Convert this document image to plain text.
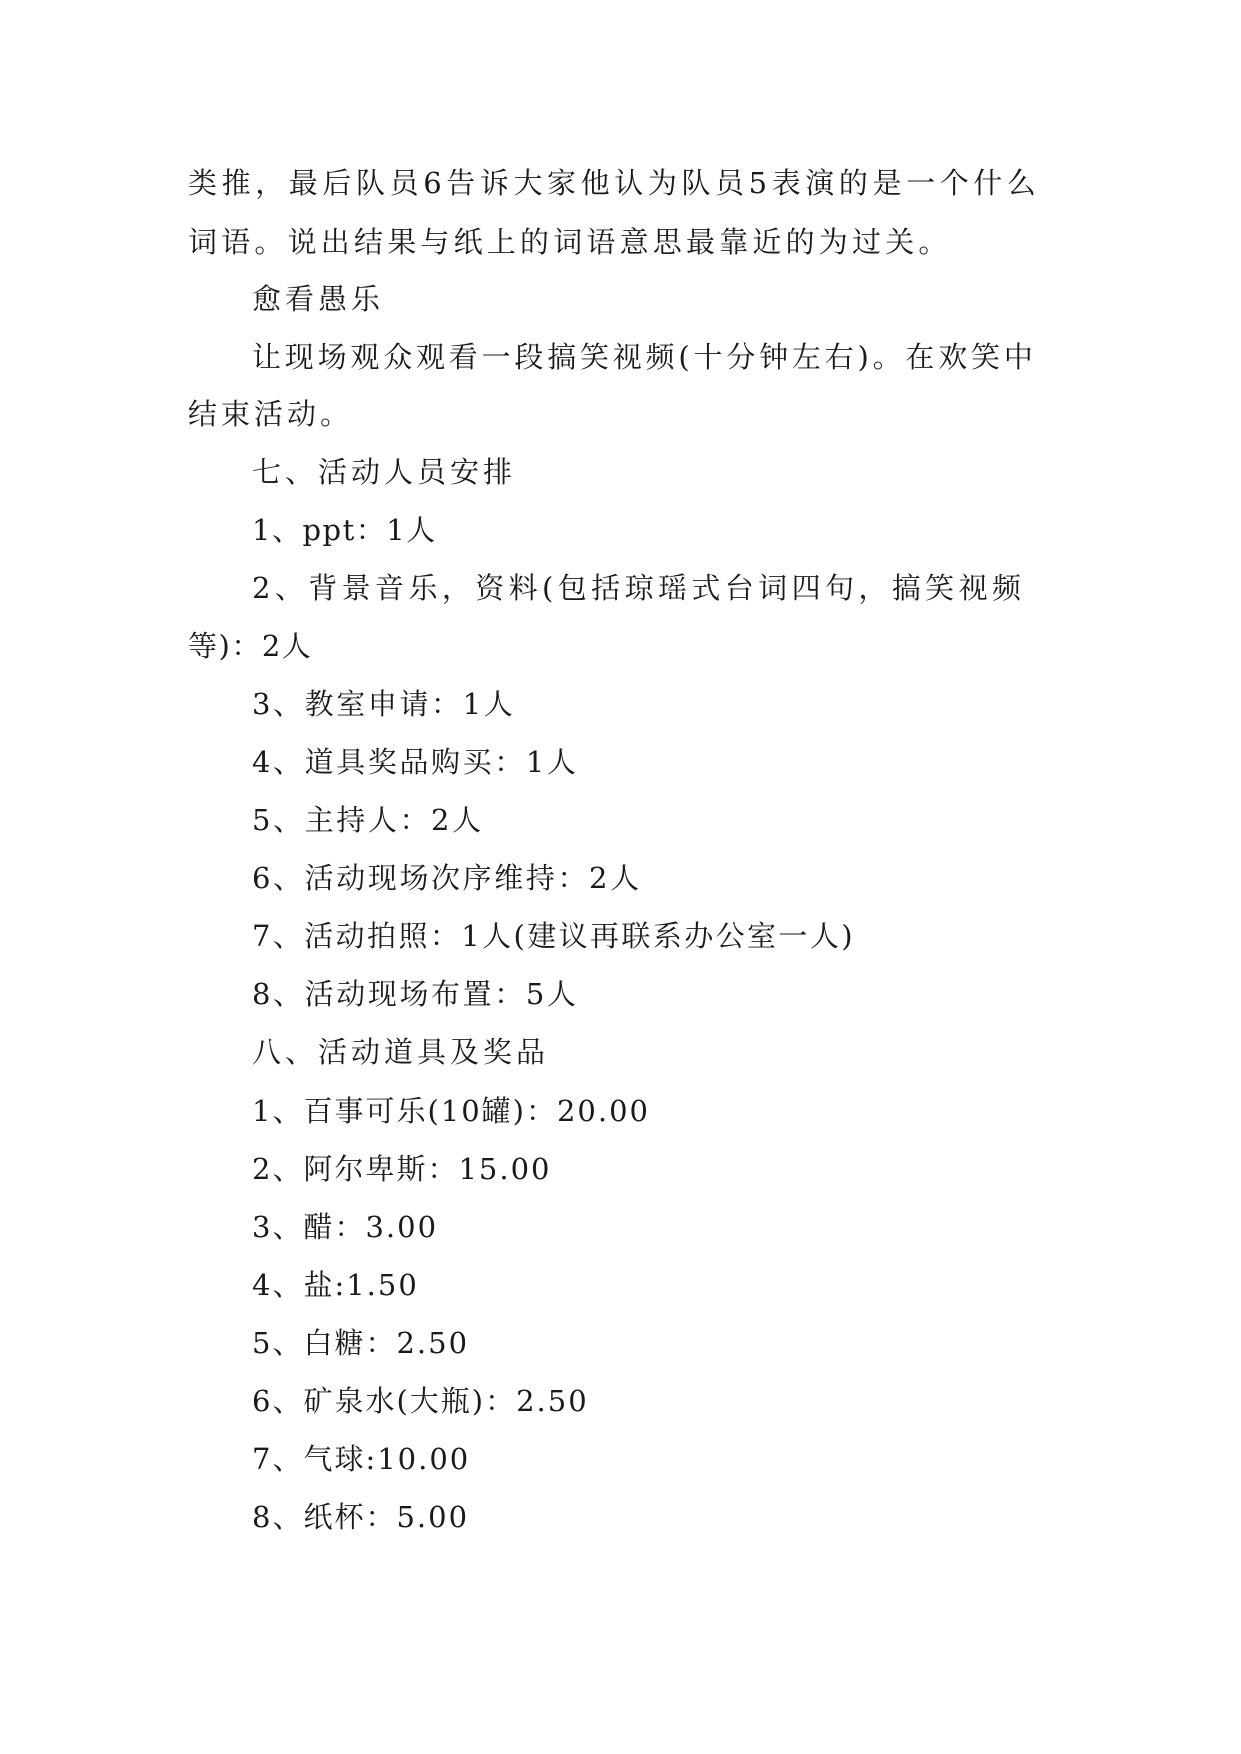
类推，最后队员6告诉大家他认为队员5表演的是一个什么
词语。说出结果与纸上的词语意思最靠近的为过关。
愈看愚乐
让现场观众观看一段搞笑视频(十分钟左右)。在欢笑中
结束活动。
七、活动人员安排
1、ppt：1人
2、背景音乐，资料(包括琼瑶式台词四句，搞笑视频
等)：2人
3、教室申请：1人
4、道具奖品购买：1人
5、主持人：2人
6、活动现场次序维持：2人
7、活动拍照：1人(建议再联系办公室一人)
8、活动现场布置：5人
八、活动道具及奖品
1、百事可乐(10罐)：20.00
2、阿尔卑斯：15.00
3、醋：3.00
4、盐:1.50
5、白糖：2.50
6、矿泉水(大瓶)：2.50
7、气球:10.00
8、纸杯：5.00
